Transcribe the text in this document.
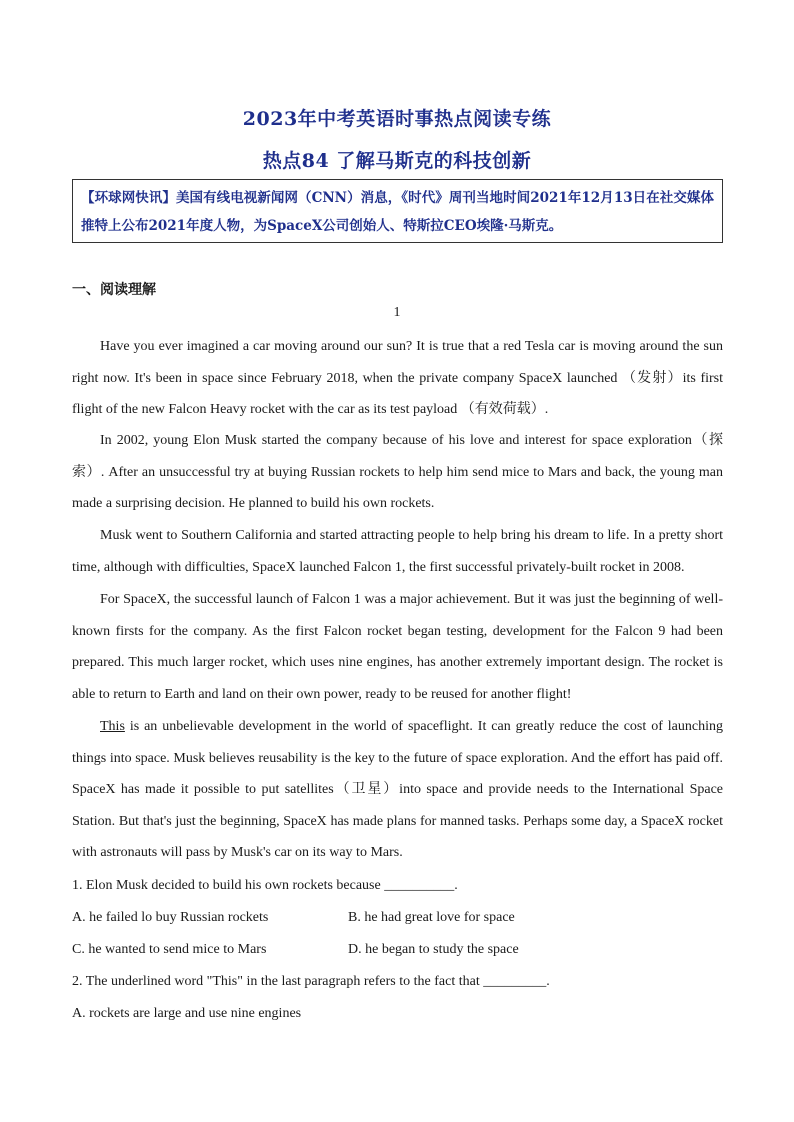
2023年中考英语时事热点阅读专练
热点84 了解马斯克的科技创新
【环球网快讯】美国有线电视新闻网（CNN）消息，《时代》周刊当地时间2021年12月13日在社交媒体推特上公布2021年度人物，为SpaceX公司创始人、特斯拉CEO埃隆·马斯克。
一、阅读理解
1

Have you ever imagined a car moving around our sun? It is true that a red Tesla car is moving around the sun right now. It's been in space since February 2018, when the private company SpaceX launched （发射）its first flight of the new Falcon Heavy rocket with the car as its test payload （有效荷载）.

In 2002, young Elon Musk started the company because of his love and interest for space exploration（探索）. After an unsuccessful try at buying Russian rockets to help him send mice to Mars and back, the young man made a surprising decision. He planned to build his own rockets.

Musk went to Southern California and started attracting people to help bring his dream to life. In a pretty short time, although with difficulties, SpaceX launched Falcon 1, the first successful privately-built rocket in 2008.

For SpaceX, the successful launch of Falcon 1 was a major achievement. But it was just the beginning of well-known firsts for the company. As the first Falcon rocket began testing, development for the Falcon 9 had been prepared. This much larger rocket, which uses nine engines, has another extremely important design. The rocket is able to return to Earth and land on their own power, ready to be reused for another flight!

This is an unbelievable development in the world of spaceflight. It can greatly reduce the cost of launching things into space. Musk believes reusability is the key to the future of space exploration. And the effort has paid off. SpaceX has made it possible to put satellites（卫星）into space and provide needs to the International Space Station. But that's just the beginning, SpaceX has made plans for manned tasks. Perhaps some day, a SpaceX rocket with astronauts will pass by Musk's car on its way to Mars.

1. Elon Musk decided to build his own rockets because __________.
A. he failed lo buy Russian rockets	B. he had great love for space
C. he wanted to send mice to Mars	D. he began to study the space
2. The underlined word "This" in the last paragraph refers to the fact that _________.
A. rockets are large and use nine engines
